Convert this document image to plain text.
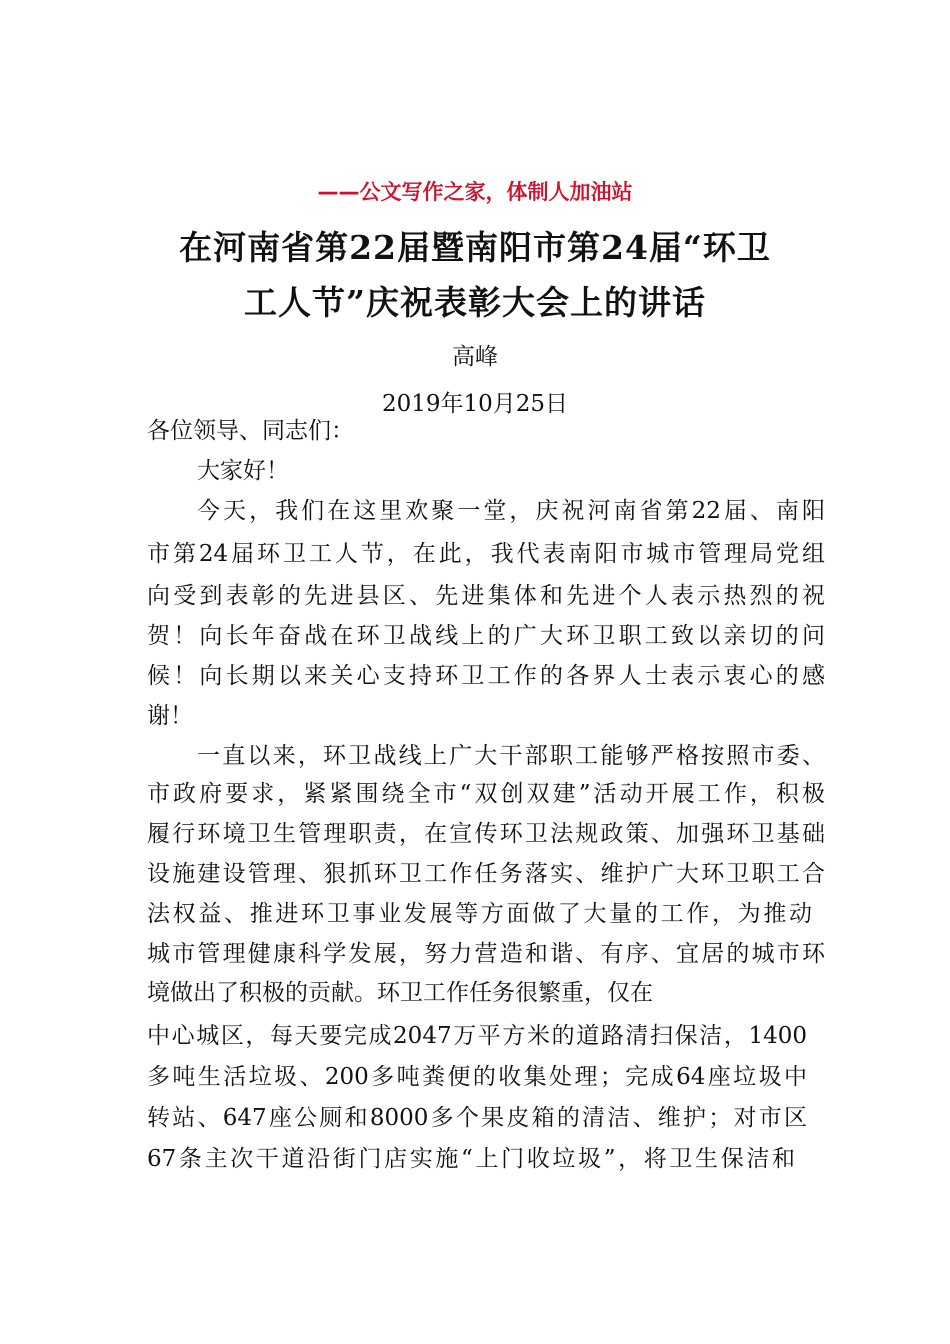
——公文写作之家，体制人加油站
在河南省第22届暨南阳市第24届“环卫
工人节”庆祝表彰大会上的讲话
高峰
2019年10月25日
各位领导、同志们：
大家好！
今天，我们在这里欢聚一堂，庆祝河南省第22届、南阳
市第24届环卫工人节，在此，我代表南阳市城市管理局党组
向受到表彰的先进县区、先进集体和先进个人表示热烈的祝
贺！向长年奋战在环卫战线上的广大环卫职工致以亲切的问
候！向长期以来关心支持环卫工作的各界人士表示衷心的感
谢！
一直以来，环卫战线上广大干部职工能够严格按照市委、
市政府要求，紧紧围绕全市“双创双建”活动开展工作，积极
履行环境卫生管理职责，在宣传环卫法规政策、加强环卫基础
设施建设管理、狠抓环卫工作任务落实、维护广大环卫职工合
法权益、推进环卫事业发展等方面做了大量的工作，为推动
城市管理健康科学发展，努力营造和谐、有序、宜居的城市环
境做出了积极的贡献。环卫工作任务很繁重，仅在
中心城区，每天要完成2047万平方米的道路清扫保洁，1400
多吨生活垃圾、200多吨粪便的收集处理；完成64座垃圾中
转站、647座公厕和8000多个果皮箱的清洁、维护；对市区
67条主次干道沿街门店实施“上门收垃圾”，将卫生保洁和
